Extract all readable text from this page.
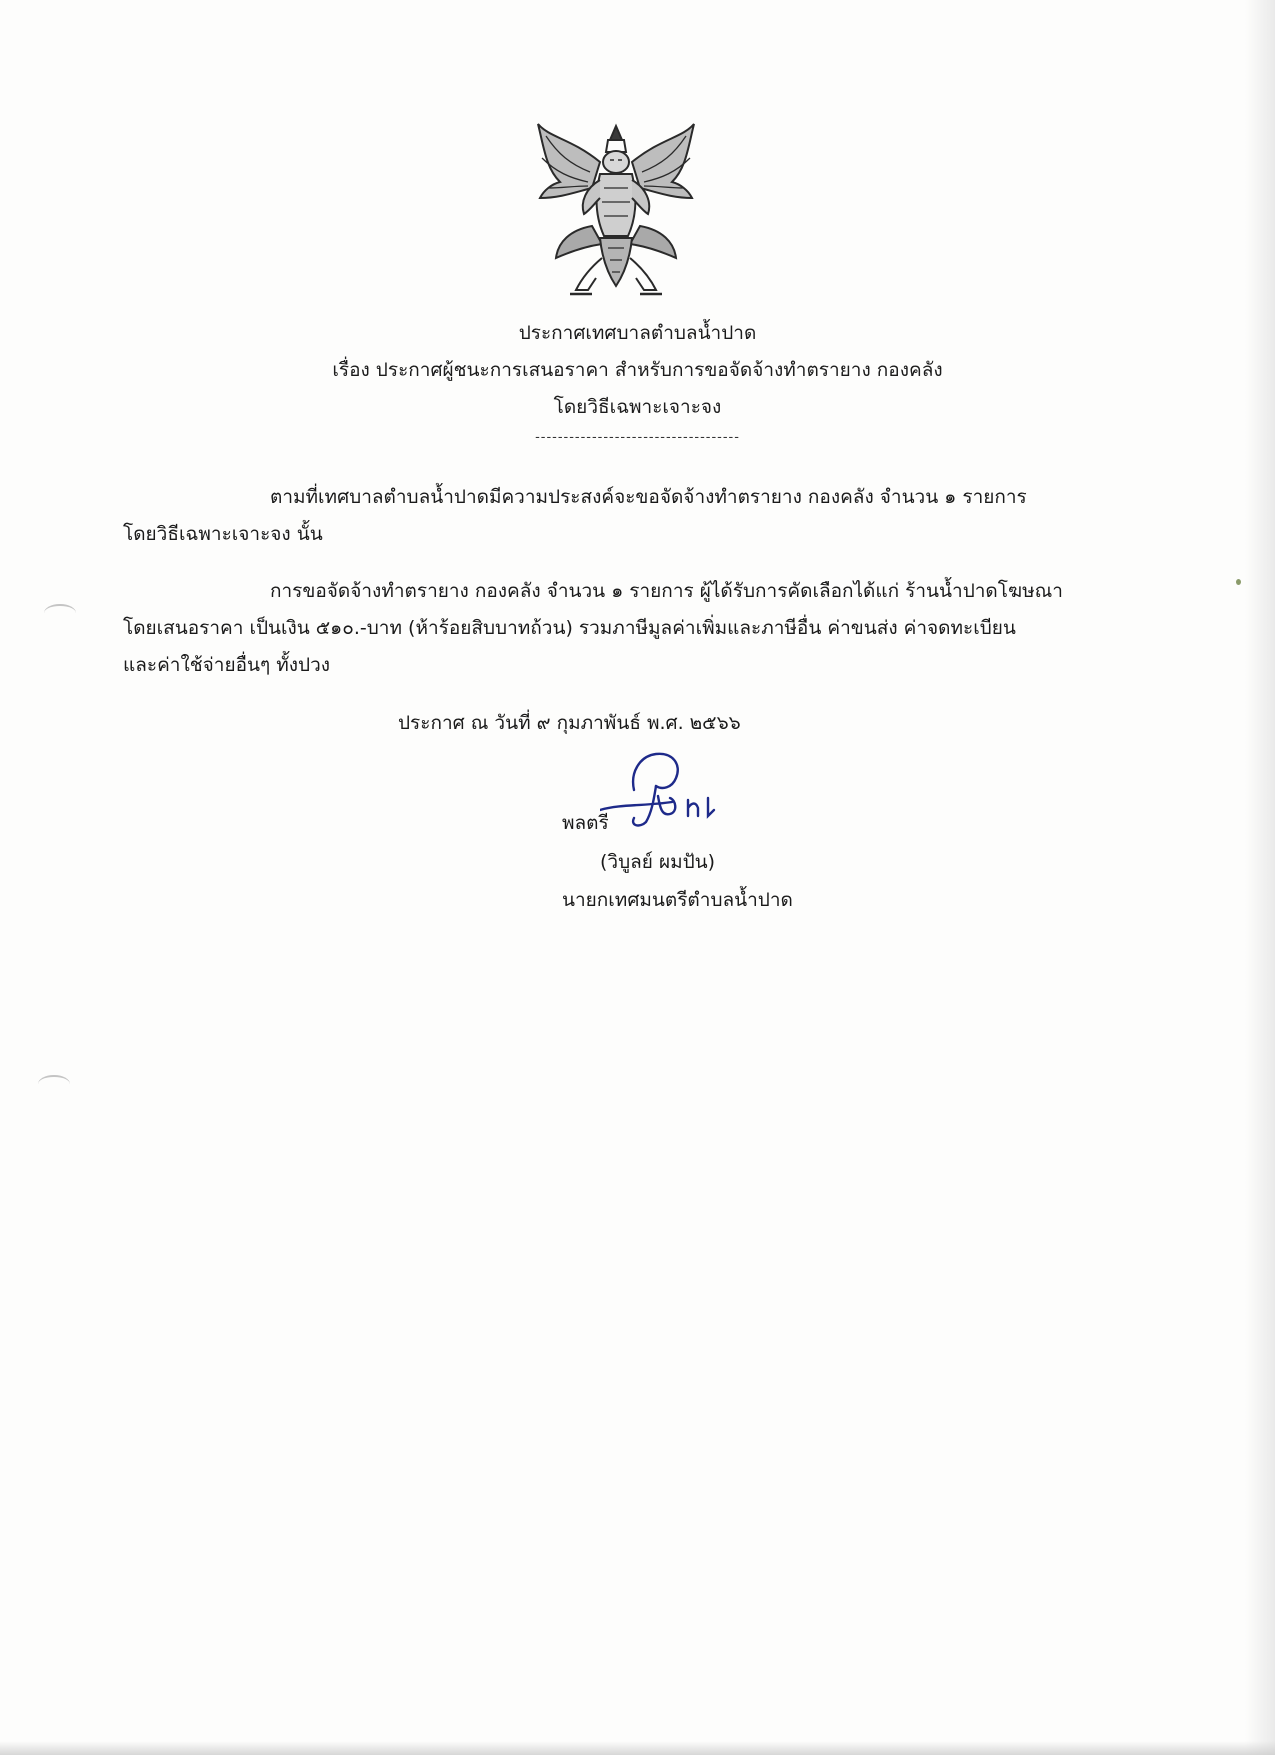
ประกาศเทศบาลตำบลน้ำปาด
เรื่อง ประกาศผู้ชนะการเสนอราคา สำหรับการขอจัดจ้างทำตรายาง กองคลัง
โดยวิธีเฉพาะเจาะจง
------------------------------------
ตามที่เทศบาลตำบลน้ำปาดมีความประสงค์จะขอจัดจ้างทำตรายาง กองคลัง จำนวน ๑ รายการ
โดยวิธีเฉพาะเจาะจง นั้น
การขอจัดจ้างทำตรายาง กองคลัง จำนวน ๑ รายการ ผู้ได้รับการคัดเลือกได้แก่ ร้านน้ำปาดโฆษณา
โดยเสนอราคา เป็นเงิน ๕๑๐.-บาท (ห้าร้อยสิบบาทถ้วน) รวมภาษีมูลค่าเพิ่มและภาษีอื่น ค่าขนส่ง ค่าจดทะเบียน
และค่าใช้จ่ายอื่นๆ ทั้งปวง
ประกาศ ณ วันที่ ๙ กุมภาพันธ์ พ.ศ. ๒๕๖๖
พลตรี
(วิบูลย์ ผมปัน)
นายกเทศมนตรีตำบลน้ำปาด
